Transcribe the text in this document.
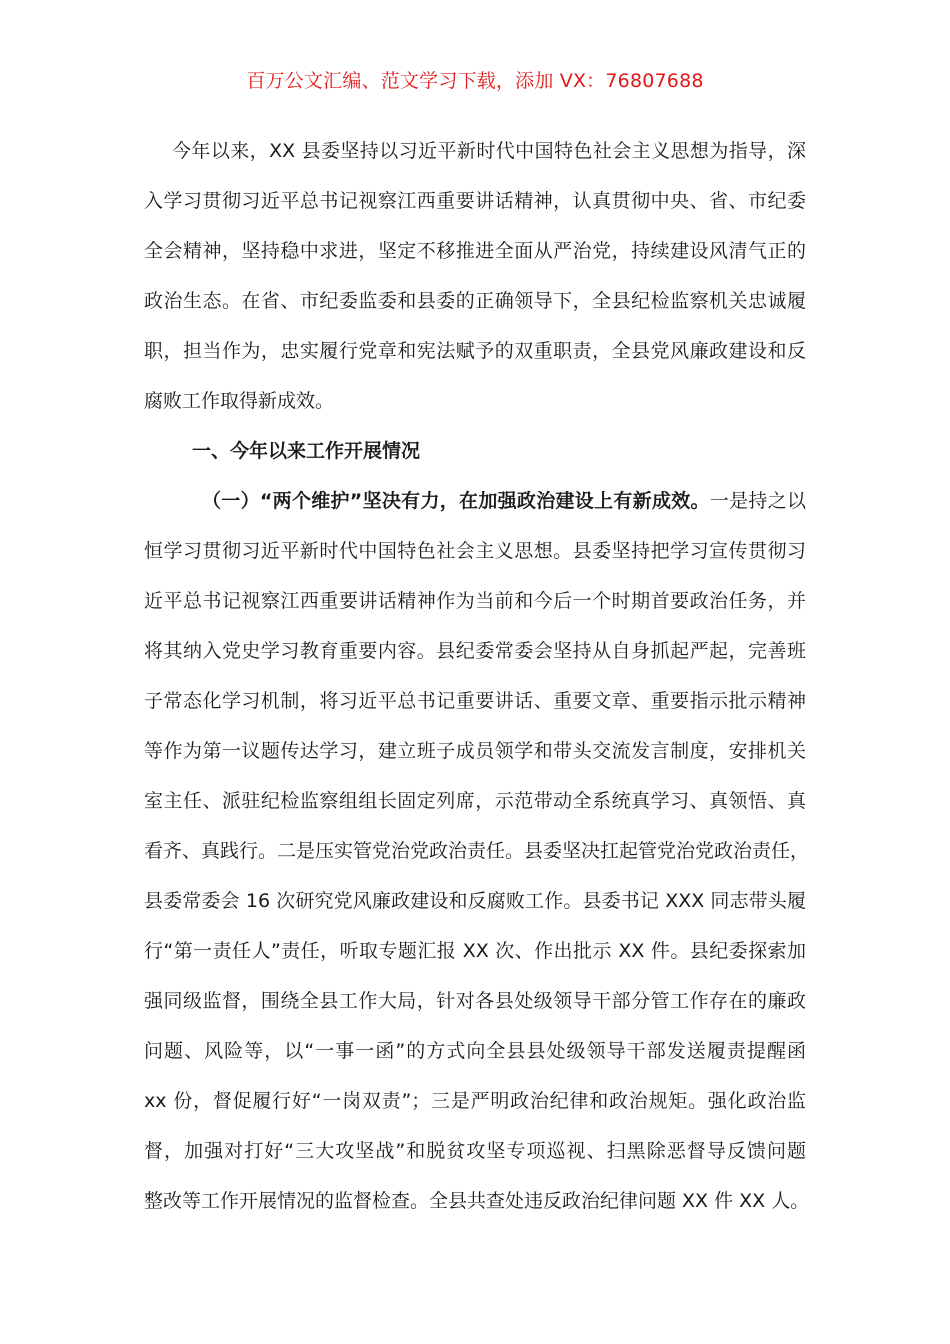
百万公文汇编、范文学习下载，添加 VX：76807688
今年以来，XX 县委坚持以习近平新时代中国特色社会主义思想为指导，深
入学习贯彻习近平总书记视察江西重要讲话精神，认真贯彻中央、省、市纪委
全会精神，坚持稳中求进，坚定不移推进全面从严治党，持续建设风清气正的
政治生态。在省、市纪委监委和县委的正确领导下，全县纪检监察机关忠诚履
职，担当作为，忠实履行党章和宪法赋予的双重职责，全县党风廉政建设和反
腐败工作取得新成效。
一、今年以来工作开展情况
（一）“两个维护”坚决有力，在加强政治建设上有新成效。一是持之以
恒学习贯彻习近平新时代中国特色社会主义思想。县委坚持把学习宣传贯彻习
近平总书记视察江西重要讲话精神作为当前和今后一个时期首要政治任务，并
将其纳入党史学习教育重要内容。县纪委常委会坚持从自身抓起严起，完善班
子常态化学习机制，将习近平总书记重要讲话、重要文章、重要指示批示精神
等作为第一议题传达学习，建立班子成员领学和带头交流发言制度，安排机关
室主任、派驻纪检监察组组长固定列席，示范带动全系统真学习、真领悟、真
看齐、真践行。二是压实管党治党政治责任。县委坚决扛起管党治党政治责任，
县委常委会 16 次研究党风廉政建设和反腐败工作。县委书记 XXX 同志带头履
行“第一责任人”责任，听取专题汇报 XX 次、作出批示 XX 件。县纪委探索加
强同级监督，围绕全县工作大局，针对各县处级领导干部分管工作存在的廉政
问题、风险等，以“一事一函”的方式向全县县处级领导干部发送履责提醒函
xx 份，督促履行好“一岗双责”；三是严明政治纪律和政治规矩。强化政治监
督，加强对打好“三大攻坚战”和脱贫攻坚专项巡视、扫黑除恶督导反馈问题
整改等工作开展情况的监督检查。全县共查处违反政治纪律问题 XX 件 XX 人。
